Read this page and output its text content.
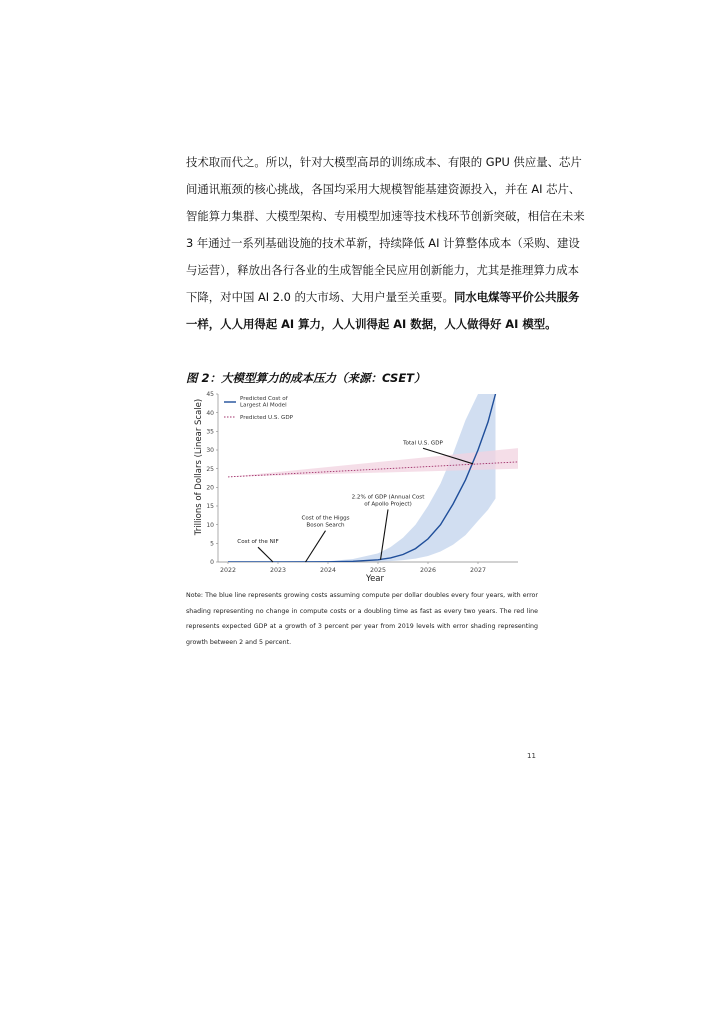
技术取而代之。所以，针对大模型高昂的训练成本、有限的 GPU 供应量、芯片
间通讯瓶颈的核心挑战，各国均采用大规模智能基建资源投入，并在 AI 芯片、
智能算力集群、大模型架构、专用模型加速等技术栈环节创新突破，相信在未来
3 年通过一系列基础设施的技术革新，持续降低 AI 计算整体成本（采购、建设
与运营），释放出各行各业的生成智能全民应用创新能力，尤其是推理算力成本
下降，对中国 AI 2.0 的大市场、大用户量至关重要。同水电煤等平价公共服务
一样，人人用得起 AI 算力，人人训得起 AI 数据，人人做得好 AI 模型。
图 2：大模型算力的成本压力（来源：CSET）
0
5
10
15
20
25
30
35
40
45
2022	2023	2024	2025	2026	2027
Total U.S. GDP
2.2% of GDP (Annual Cost of Apollo Project)
Cost of the Higgs Boson Search
Cost of the NIF
Predicted Cost of Largest AI Model
Predicted U.S. GDP
Trillions of Dollars (Linear Scale)
Year
Note: The blue line represents growing costs assuming compute per dollar doubles every four years, with error
shading representing no change in compute costs or a doubling time as fast as every two years. The red line
represents expected GDP at a growth of 3 percent per year from 2019 levels with error shading representing
growth between 2 and 5 percent.
11
